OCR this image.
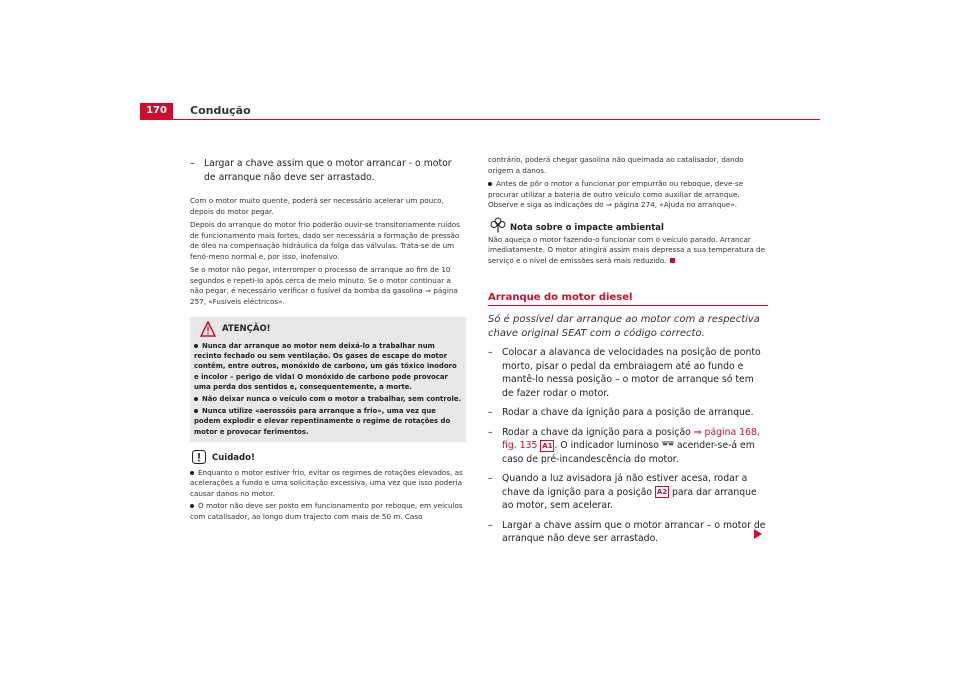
170	Condução
– Largar a chave assim que o motor arrancar - o motor de arranque não deve ser arrastado.

Com o motor muito quente, poderá ser necessário acelerar um pouco, depois do motor pegar.

Depois do arranque do motor frio poderão ouvir-se transitoriamente ruídos de funcionamento mais fortes, dado ser necessária a formação de pressão de óleo na compensação hidráulica da folga das válvulas. Trata-se de um fenó-meno normal e, por isso, inofensivo.

Se o motor não pegar, interromper o processo de arranque ao fim de 10 segundos e repeti-lo após cerca de meio minuto. Se o motor continuar a não pegar, é necessário verificar o fusível da bomba da gasolina ⇒ página 257, «Fusíveis eléctricos».

ATENÇÃO!
Nunca dar arranque ao motor nem deixá-lo a trabalhar num recinto fechado ou sem ventilação. Os gases de escape do motor contêm, entre outros, monóxido de carbono, um gás tóxico inodoro e incolor – perigo de vida! O monóxido de carbono pode provocar uma perda dos sentidos e, consequentemente, a morte.
Não deixar nunca o veículo com o motor a trabalhar, sem controle.
Nunca utilize «aerossóis para arranque a frio», uma vez que podem explodir e elevar repentinamente o regime de rotações do motor e provocar ferimentos.
Cuidado!
Enquanto o motor estiver frio, evitar os regimes de rotações elevados, as acelerações a fundo e uma solicitação excessiva, uma vez que isso poderia causar danos no motor.
O motor não deve ser posto em funcionamento por reboque, em veículos com catalisador, ao longo dum trajecto com mais de 50 m. Caso

contrário, poderá chegar gasolina não queimada ao catalisador, dando origem a danos.

Antes de pôr o motor a funcionar por empurrão ou reboque, deve-se procurar utilizar a bateria de outro veículo como auxiliar de arranque. Observe e siga as indicações do ⇒ página 274, «Ajuda no arranque».
Nota sobre o impacte ambiental

Não aqueça o motor fazendo-o funcionar com o veículo parado. Arrancar imediatamente. O motor atingirá assim mais depressa a sua temperatura de serviço e o nível de emissões será mais reduzido.

Arranque do motor diesel
Só é possível dar arranque ao motor com a respectiva chave original SEAT com o código correcto.
– Colocar a alavanca de velocidades na posição de ponto morto, pisar o pedal da embraiagem até ao fundo e mantê-lo nessa posição – o motor de arranque só tem de fazer rodar o motor.
– Rodar a chave da ignição para a posição de arranque.
– Rodar a chave da ignição para a posição ⇒ página 168, fig. 135 A1 . O indicador luminoso  acender-se-á em caso de pré-incandescência do motor.
– Quando a luz avisadora já não estiver acesa, rodar a chave da ignição para a posição A2 para dar arranque ao motor, sem acelerar.
– Largar a chave assim que o motor arrancar – o motor de arranque não deve ser arrastado.
